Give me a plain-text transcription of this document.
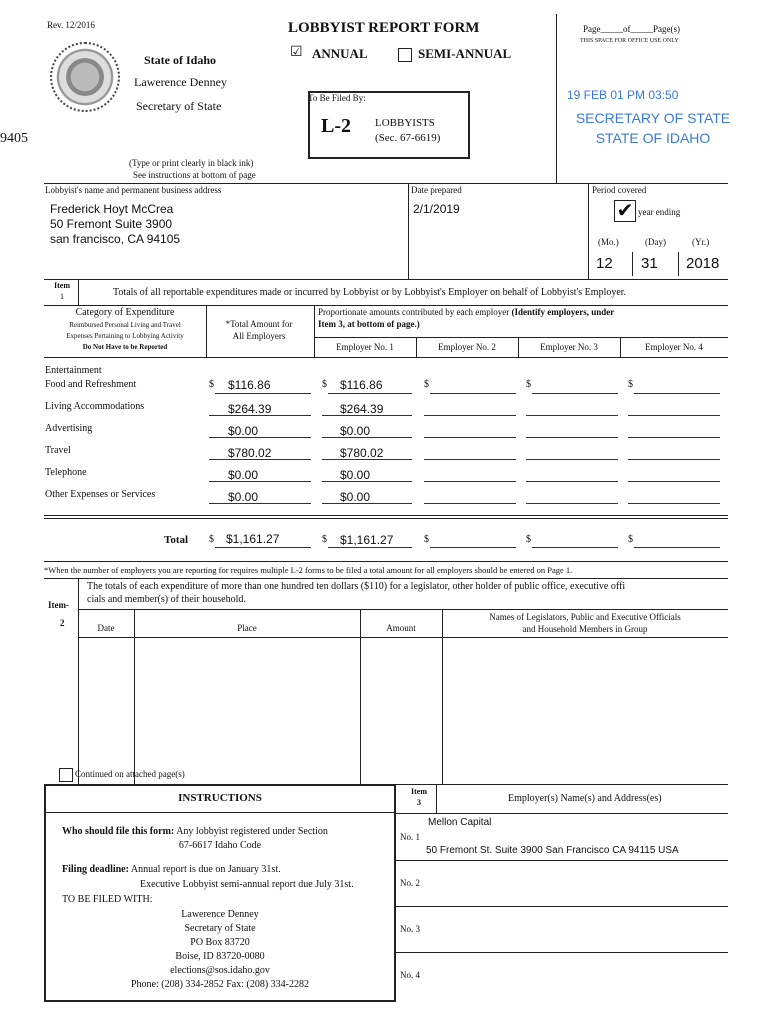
Rev. 12/2016	LOBBYIST REPORT FORM
☑ ANNUAL	SEMI-ANNUAL
State of Idaho
Lawerence Denney
Secretary of State
To Be Filed By:
L-2 LOBBYISTS
(Sec. 67-6619)
9405
(Type or print clearly in black ink)
See instructions at bottom of page
Page_____of_____Page(s)
THIS SPACE FOR OFFICE USE ONLY
19 FEB 01 PM 03:50
SECRETARY OF STATE
STATE OF IDAHO
Lobbyist's name and permanent business address
Frederick Hoyt McCrea
50 Fremont Suite 3900
san francisco, CA 94105
Date prepared
2/1/2019
Period covered
✔ year ending
(Mo.)	(Day)	(Yr.)
12 31 2018
Item
1	Totals of all reportable expenditures made or incurred by Lobbyist or by Lobbyist's Employer on behalf of Lobbyist's Employer.
Category of Expenditure
Reimbursed Personal Living and Travel
Expenses Pertaining to Lobbying Activity
Do Not Have to be Reported
*Total Amount for
All Employers
Proportionate amounts contributed by each employer (Identify employers, under
Item 3, at bottom of page.)
Employer No. 1	Employer No. 2	Employer No. 3	Employer No. 4
Entertainment
Food and Refreshment	$ $116.86	$ $116.86	$	$	$
Living Accommodations	$264.39	$264.39
Advertising	$0.00	$0.00
Travel	$780.02	$780.02
Telephone	$0.00	$0.00
Other Expenses or Services	$0.00	$0.00
Total $ $1,161.27	$ $1,161.27	$	$	$
*When the number of employers you are reporting for requires multiple L-2 forms to be filed a total amount for all employers should be entered on Page 1.
Item-
2
The totals of each expenditure of more than one hundred ten dollars ($110) for a legislator, other holder of public office, executive offi
cials and member(s) of their household.
Date	Place	Amount
Names of Legislators, Public and Executive Officials
and Household Members in Group
Continued on attached page(s)
INSTRUCTIONS
Who should file this form: Any lobbyist registered under Section
67-6617 Idaho Code
Filing deadline: Annual report is due on January 31st.
Executive Lobbyist semi-annual report due July 31st.
TO BE FILED WITH:
Lawerence Denney
Secretary of State
PO Box 83720
Boise, ID 83720-0080
elections@sos.idaho.gov
Phone: (208) 334-2852 Fax: (208) 334-2282
Item
3	Employer(s) Name(s) and Address(es)
No. 1
Mellon Capital
50 Fremont St. Suite 3900 San Francisco CA 94115 USA
No. 2
No. 3
No. 4
